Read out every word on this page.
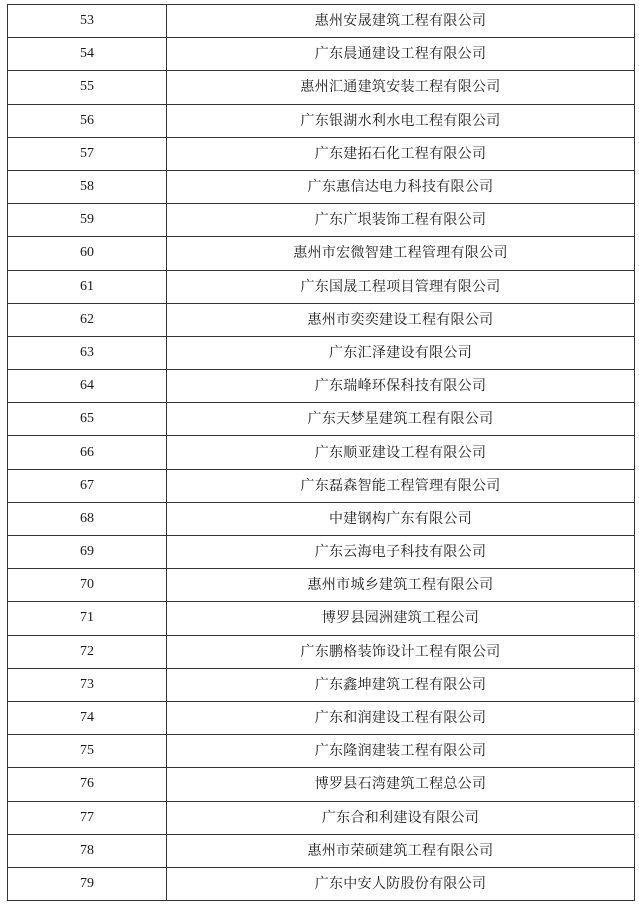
53	惠州安晟建筑工程有限公司
54	广东晨通建设工程有限公司
55	惠州汇通建筑安装工程有限公司
56	广东银湖水利水电工程有限公司
57	广东建拓石化工程有限公司
58	广东惠信达电力科技有限公司
59	广东广垠装饰工程有限公司
60	惠州市宏微智建工程管理有限公司
61	广东国晟工程项目管理有限公司
62	惠州市奕奕建设工程有限公司
63	广东汇泽建设有限公司
64	广东瑞峰环保科技有限公司
65	广东天梦星建筑工程有限公司
66	广东顺亚建设工程有限公司
67	广东磊森智能工程管理有限公司
68	中建钢构广东有限公司
69	广东云海电子科技有限公司
70	惠州市城乡建筑工程有限公司
71	博罗县园洲建筑工程公司
72	广东鹏格装饰设计工程有限公司
73	广东鑫坤建筑工程有限公司
74	广东和润建设工程有限公司
75	广东隆润建装工程有限公司
76	博罗县石湾建筑工程总公司
77	广东合和利建设有限公司
78	惠州市荣硕建筑工程有限公司
79	广东中安人防股份有限公司
